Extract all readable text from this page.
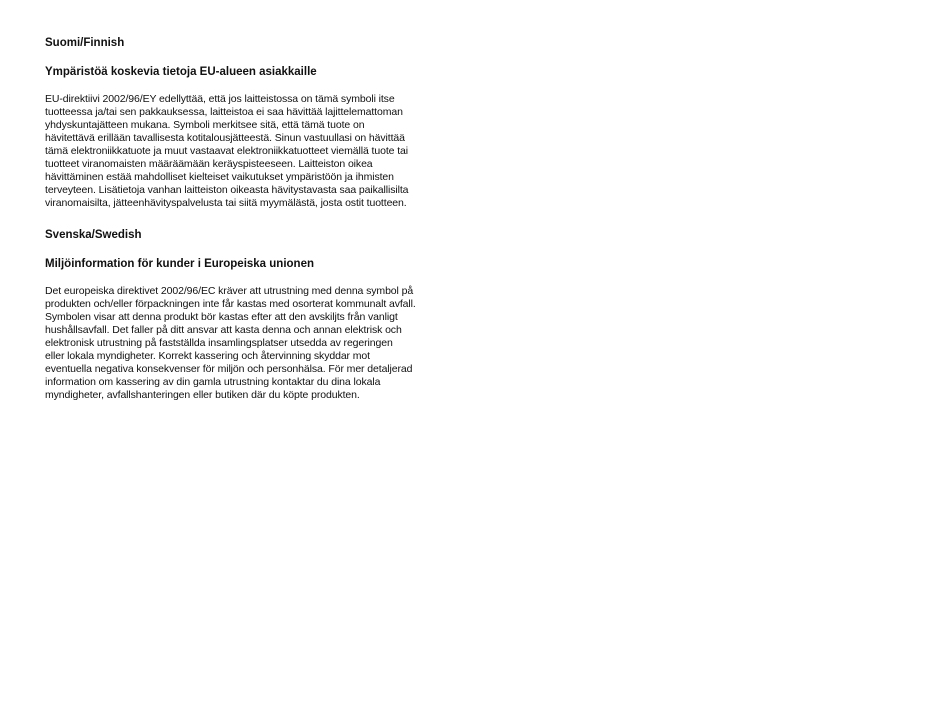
Suomi/Finnish
Ympäristöä koskevia tietoja EU-alueen asiakkaille
EU-direktiivi 2002/96/EY edellyttää, että jos laitteistossa on tämä symboli itse
tuotteessa ja/tai sen pakkauksessa, laitteistoa ei saa hävittää lajittelemattoman
yhdyskuntajätteen mukana. Symboli merkitsee sitä, että tämä tuote on
hävitettävä erillään tavallisesta kotitalousjätteestä. Sinun vastuullasi on hävittää
tämä elektroniikkatuote ja muut vastaavat elektroniikkatuotteet viemällä tuote tai
tuotteet viranomaisten määräämään keräyspisteeseen. Laitteiston oikea
hävittäminen estää mahdolliset kielteiset vaikutukset ympäristöön ja ihmisten
terveyteen. Lisätietoja vanhan laitteiston oikeasta hävitystavasta saa paikallisilta
viranomaisilta, jätteenhävityspalvelusta tai siitä myymälästä, josta ostit tuotteen.
Svenska/Swedish
Miljöinformation för kunder i Europeiska unionen
Det europeiska direktivet 2002/96/EC kräver att utrustning med denna symbol på
produkten och/eller förpackningen inte får kastas med osorterat kommunalt avfall.
Symbolen visar att denna produkt bör kastas efter att den avskiljts från vanligt
hushållsavfall. Det faller på ditt ansvar att kasta denna och annan elektrisk och
elektronisk utrustning på fastställda insamlingsplatser utsedda av regeringen
eller lokala myndigheter. Korrekt kassering och återvinning skyddar mot
eventuella negativa konsekvenser för miljön och personhälsa. För mer detaljerad
information om kassering av din gamla utrustning kontaktar du dina lokala
myndigheter, avfallshanteringen eller butiken där du köpte produkten.
